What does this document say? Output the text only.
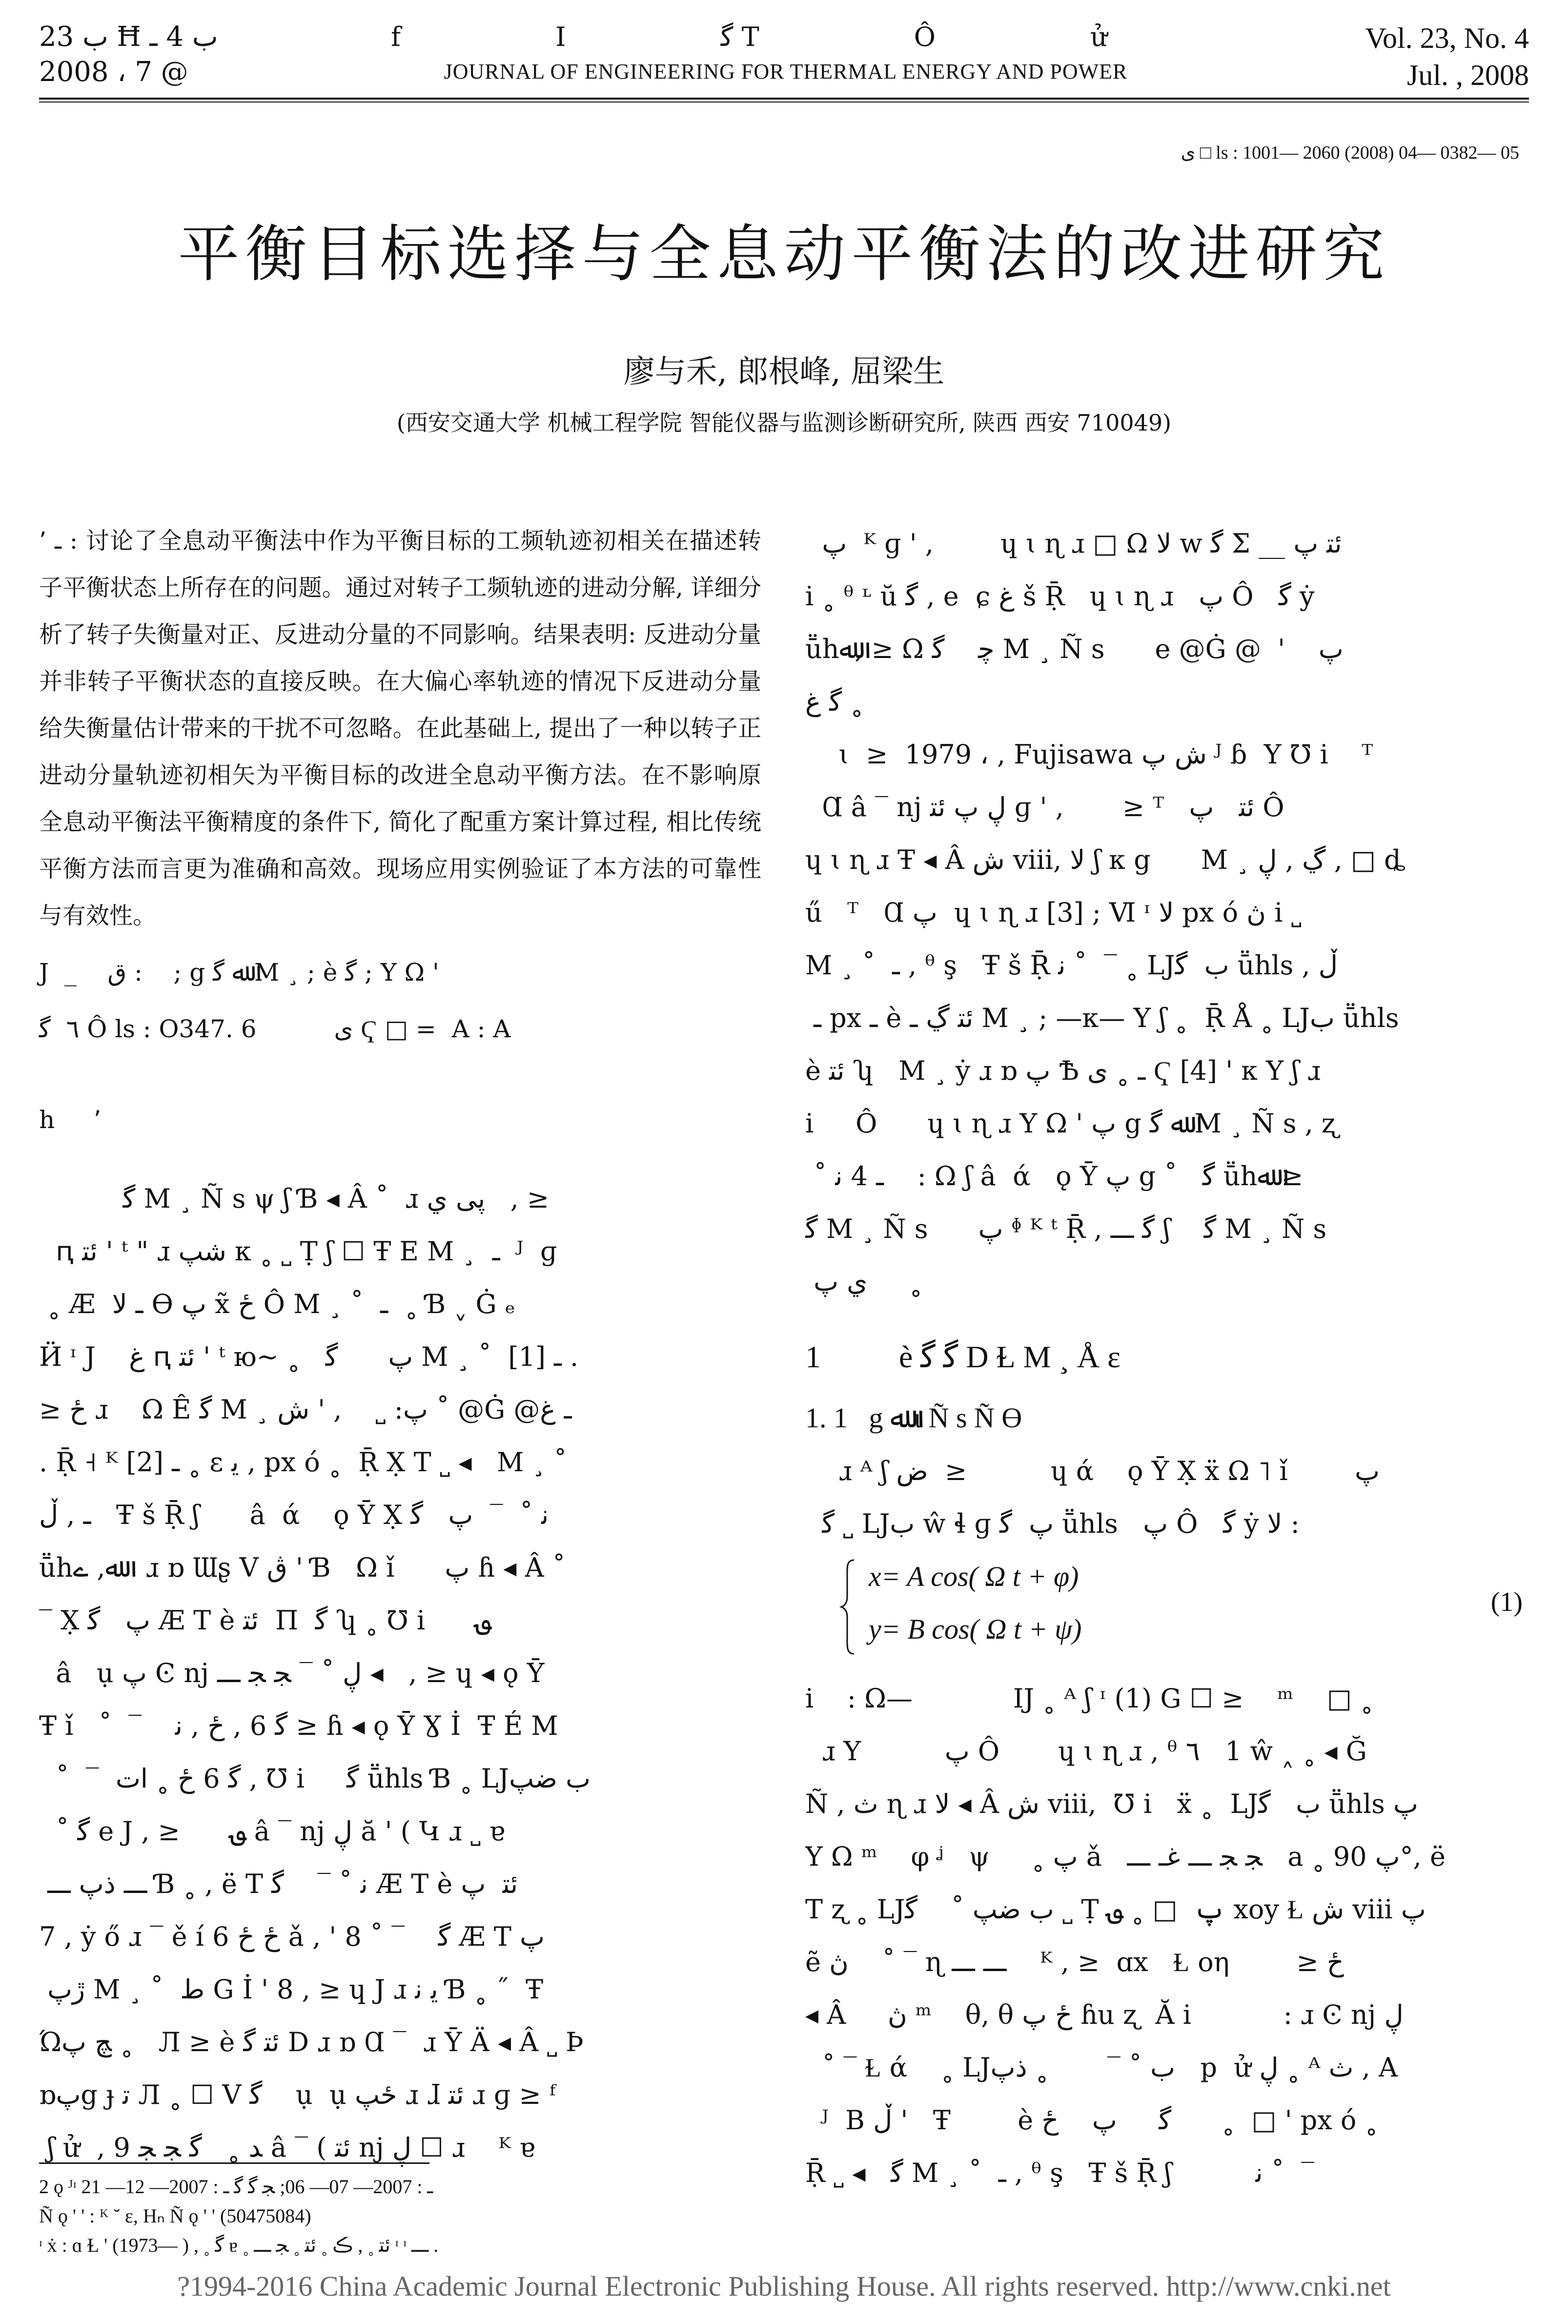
ب 23 Ħ ب 4 ـ
2008 ، 7 @
f I ﮔ T Ô ử
JOURNAL OF ENGINEERING FOR THERMAL ENERGY AND POWER
Vol. 23, No. 4
Jul. , 2008
ى □ ls : 1001— 2060 (2008) 04— 0382— 05
平衡目标选择与全息动平衡法的改进研究
廖与禾, 郎根峰, 屈梁生
(西安交通大学 机械工程学院 智能仪器与监测诊断研究所, 陕西 西安 710049)
ـ ٬ : 讨论了全息动平衡法中作为平衡目标的工频轨迹初相关在描述转子平衡状态上所存在的问题。通过对转子工频轨迹的进动分解, 详细分析了转子失衡量对正、反进动分量的不同影响。结果表明: 反进动分量并非转子平衡状态的直接反映。在大偏心率轨迹的情况下反进动分量给失衡量估计带来的干扰不可忽略。在此基础上, 提出了一种以转子正进动分量轨迹初相矢为平衡目标的改进全息动平衡方法。在不影响原全息动平衡法平衡精度的条件下, 简化了配重方案计算过程, 相比传统平衡方法而言更为准确和高效。现场应用实例验证了本方法的可靠性与有效性。
J  _    ق :    ; g ﷲ ﮔ M ¸ ; è ﮔ ; Y Ω '
٦  ﮔ Ô ls : O347. 6          ى Ҁ □ =  A : A
h     ٬
ﮔ M ¸ Ñ s ψ ʃ Ɓ ◂ Â ˚  ɹ پی ي   , ≥
ԥ ﺋﺘ ' ᵗ " ɹ شپ κ ˳ ˽ Ṭ ʃ ☐ Ŧ E M ¸  ـ  ᴶ  ɡ
˳ Æ  ـ ﻻ ϴ پ x̃ ځ Ô M ¸ ˚  ـ  ˳ Ɓ ˬ Ġ ₑ
Ӥ ᶦ J    غ ԥ ﺋﺘ ' ᵗ ю~ ˳   پ      ﮔ M ¸ ˚  ـ [1] .
≥ ځ ɹ    Ω Ê ﮔ M ¸ پ: ˽    , ' ش ˚ @Ġ @ـ غ
. Ṝ ˧ ᴷ ـ [2] ˳ ε ﻳ , px ó ˳  Ṝ X̣ T ˽ ◂   M ¸ ˚
ـ , ڵ   Ŧ š Ṝ ʃ      â  ά    ǫ Ȳ X̣ ﻧ ˚  ‾  پ   ﮔ
ṻhﷲ, ے   ɹ ɒ Ɯʂ V ڨ ' Ɓ   Ω ǐ      پ ɦ ◂ Â ˚
‾ X̣ پ   ﮔ Æ T è ﺋﺘ  Π  ﮔ ʮ ˳ ℧ i      ؈
â   ụ پ Ͼ nj ڸ ˚ ‾ ﺠ ﺠ ـــ ◂   , ≥ ɥ ◂ ǫ Ȳ
Ŧ ǐ   ˚  ‾    ﮔ 6 , ځ , ﻧ ≥ ɦ ◂ ǫ Ȳ Ɣ İ  Ŧ É M
˚  ‾  ﮔ 6 ځ ˳ ﺍﺕ , ℧ i     ﮔ ṻhls Ɓ ˳ LJب ضپ
˚ ﮔ e J , ≥      ؈ â ‾ nj ڸ ă ' ( Կ ɹ ˽ ɐ
ـــ ذپ ـــ Ɓ ˳ , ë T ﻧ ˚ ‾    ﮔ Æ T è ﺋﺘ  پ
7 , ẏ ő ɹ ‾ ě í 6 ځ ځ ǎ , ' 8 ˚ ‾    ﮔ Æ T پ
ڙپ M ¸ ˚  ط G İ ' 8 , ≥ ɥ J ɹ ﻳ ﻧ Ɓ ˳ ˝  Ŧ
Ώﭻ پ ˳   Л ≥ è ﺋﺘ ﮔ D ɹ ɒ Ɑ ‾  ɹ Ȳ Ä ◂ Â ˽ Þ
ɒپg ɟ ﺗ Л ˳ ☐ V ﮔ    ụ  ụ ځپ ɹ ɺ ﺋﺘ ɹ ɡ ≥ ᶠ
ʃ ử  , ﺪ ˳   ﮔ ﺠ ﺠ 9 â ‾ ( ﺋﺘ nj ڸ ☐ ɹ    ᴷ ɐ
پ  ᴷ ɡ ' ,        ɥ ɩ ɳ ɹ □ Ω ﻻ w ﮔ Σ __ ﺋﺘ پ
i ˳ ᶿ ᶫ ŭ ﮔ , e  ɕ غ š Ṝ   ɥ ɩ ɳ ɹ   پ Ô   ﮔ ẏ
ṻhﷲ, ≥ Ω ﭼ    ﮔ M ¸ Ñ s      e @Ġ @  '    پ
ﮔ غ ˳
ɩ  ≥  1979 ، , Fujisawa ش پ ᴶ ɓ  Y ℧ i    ᵀ
Ɑ â ‾ nj ڸ پ ﺋﺘ ɡ ' ,       ≥ ᵀ   ﺋﺘ   پ Ô
ɥ ɩ ɳ ɹ Ŧ ◂ Â ش viii, ﻻ ʃ κ g      M ¸ ڲ , ڸ , □ ȡ
ű   ᵀ   Ɑ پ  ɥ ɩ ɳ ɹ [3] ; Ⅵ ᶦ ﻻ px ó ڽ i ˽
M ¸ ˚  ـ , ᶿ ş   Ŧ š Ṝ ﻧ ˚  ‾ ˳ LJب  ﮔ ṻhls , ڵ
ـ px ـ è ﺋﺘ ڲ ـ M ¸ ; —κ— Y ʃ ˳  Ṝ Å ˳ LJب ṻhls
è ﺋﺘ ʮ   M ¸ ẏ ɹ ɒ پ Ѣ ـ ˳ ى Ҁ [4] ' κ Y ʃ ɹ
i     Ô      ɥ ɩ ɳ ɹ Y Ω ' پ g ﷲ ﮔ M ¸ Ñ s , ʐ
˚ ـ 4 ﻧ    : Ω ʃ â  ά   ǫ Ȳ پ g ˚   ﮔ ṻhﷲ ≥
ﮔ M ¸ Ñ s      پ ᶲ ᴷ ᵗ Ṝ , ﮔ ـــ ʃ    ﮔ M ¸ Ñ s
ي پ     ˳
1          è ﮔ ﮔ D Ɫ M ¸ Å ε
1. 1   g ﷲ ɩ Ñ s Ñ ϴ
ɹ ᴬ ʃ ض  ≥          ɥ ά    ǫ Ȳ X̣ ẍ Ω ˥ ǐ        پ
ﮔ ˽ LJب ŵ ɬ ɡ پ  ﮔ ṻhls   پ Ô   ﮔ ẏ ﻻ :
x= A cos( Ω t + φ)
y= B cos( Ω t + ψ)
(1)
i    : Ω—            IJ ˳ ᴬ ʃ ᶦ (1) G ☐ ≥    ᵐ    □ ˳
ɹ Y          پ Ô       ɥ ɩ ɳ ɹ , ᶿ ٦   1 ŵ ˰ ˳ ◂ Ğ
Ñ , ﺙ ɳ ɹ ﻻ ◂ Â ش viii,  ℧ i   ẍ ˳  LJب   ﮔ ṻhls پ
Y Ω ᵐ    φ ᶨ   ψ     ˳ پ ǎ   ﺠ ﺠ ـــ غـ ـــ   a ˳ پ 90°, ë
T ʐ ˳ LJب ضپ ˚    ﮔ ˽ Ṭ پ  □ ˳ ؈ xoy Ɫ ش viii پ
ẽ ڽ    ˚ ‾ ɳ ـــ ـــ    ᴷ , ≥  ɑx   Ɫ oη        ≥ ځ
◂ Â     ڽ ᵐ    θ, θ ځ پ ɦu ʐ  Ă i           : ɹ Ͼ nj ڸ
˚ ‾ Ɫ ά    ˳ LJب ˚ ‾       ˳ ذپ   p  ử ڸ ˳ ᴬ ﺙ , A
ᴶ  B ڵ '   Ŧ        è ﮔ     پ    ځ      ˳  □ ' px ó ˳
Ṝ ˽ ◂   ﮔ M ¸ ˚  ـ , ᶿ ş   Ŧ š Ṝ ʃ          ﻧ ˚  ‾
2 ǫ ᴶᶦ ـ : 2007— 07— 06; ﺠ ﮔ ﮔ ـ : 2007— 12— 21
Ñ ǫ ' ' : ᴷ ˘ ε, Hₙ Ñ ǫ ' ' (50475084)
ᶦ ẋ : ɑ Ɫ ' (1973— ) , ˳ ﮔ ɐ ˳ ﺋﺘ ˳ , ڪ ˳ ﺋﺘ ˳ ﺠ ـــ ᶦ ᶦ ـــ .
?1994-2016 China Academic Journal Electronic Publishing House. All rights reserved. http://www.cnki.net
